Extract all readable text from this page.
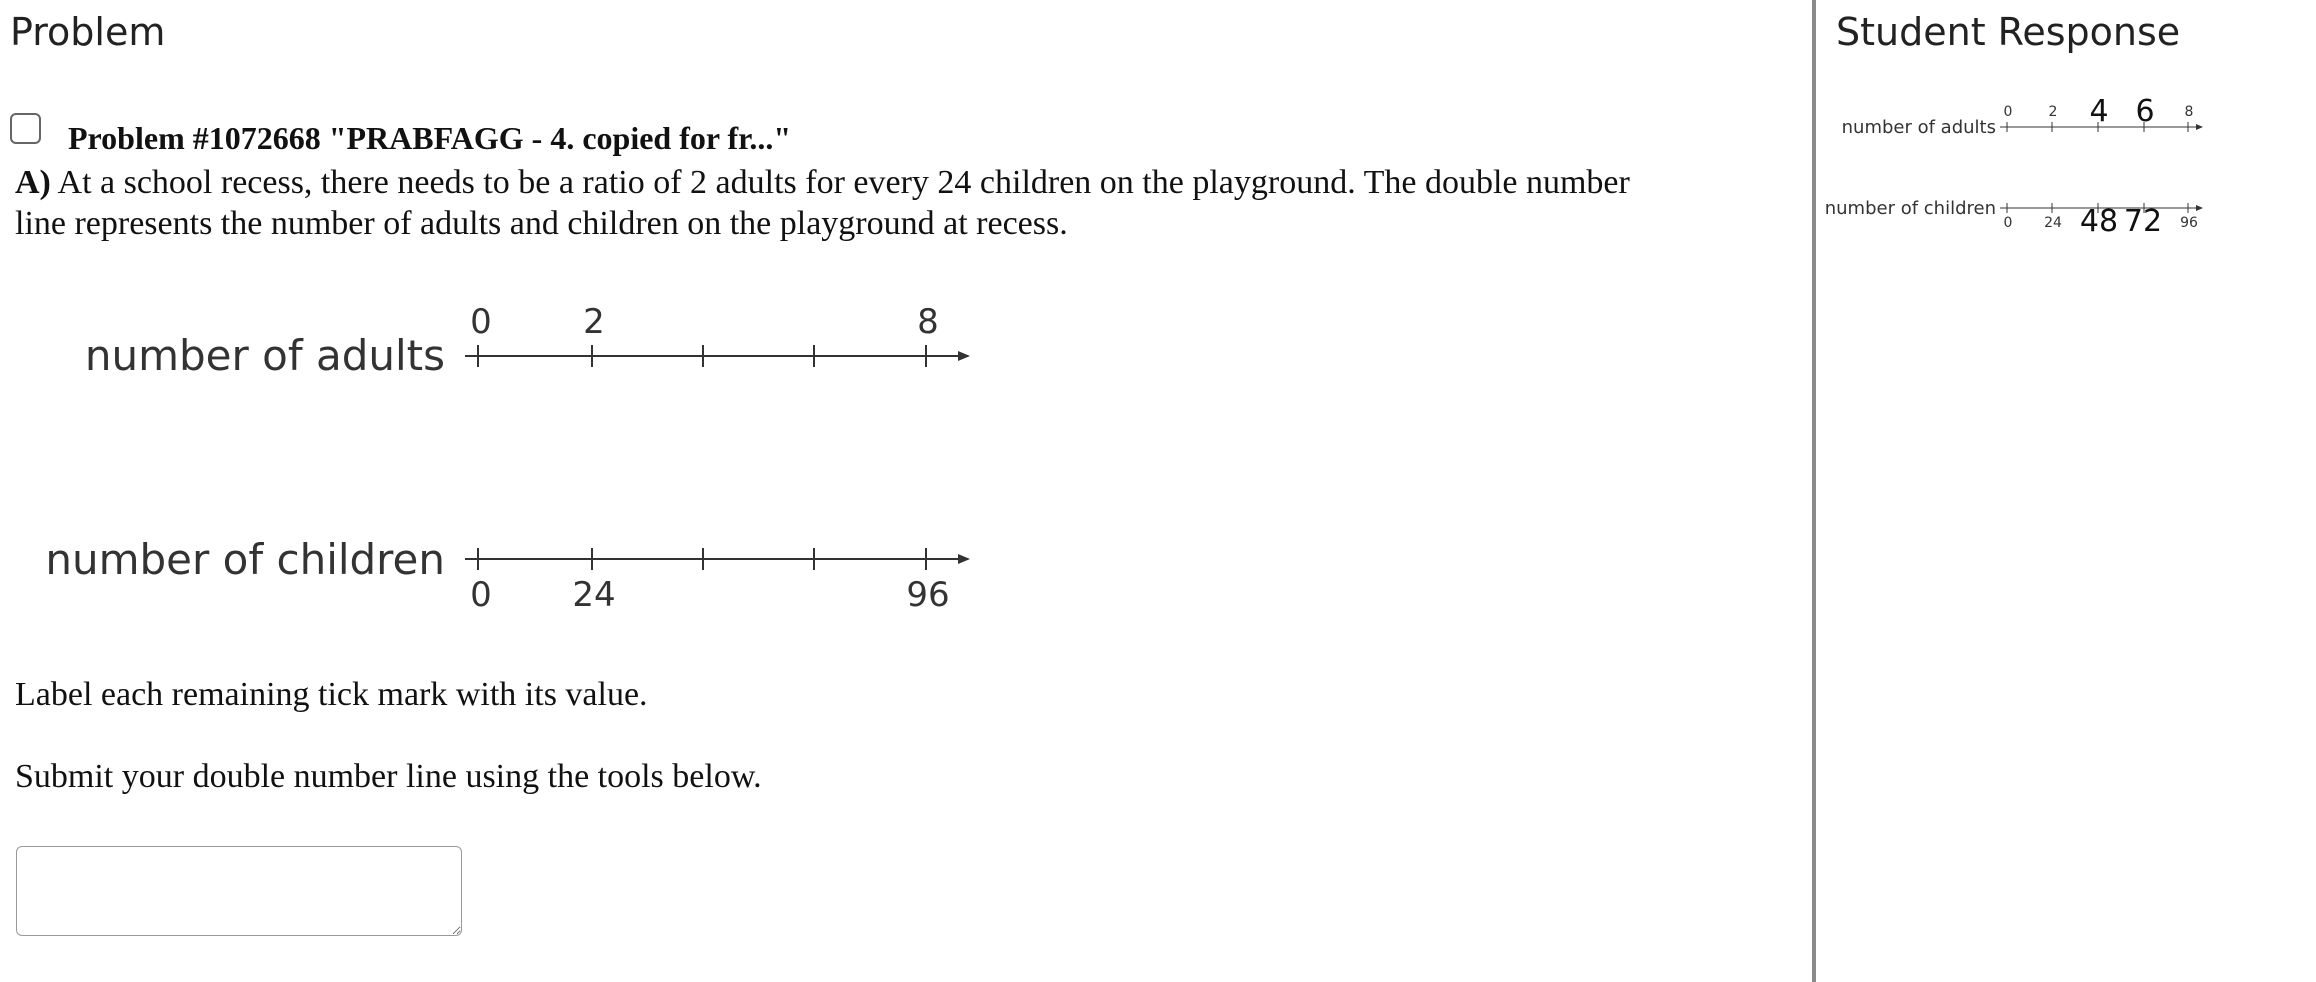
Problem
Problem #1072668 "PRABFAGG - 4. copied for fr..."
A) At a school recess, there needs to be a ratio of 2 adults for every 24 children on the playground. The double number line represents the number of adults and children on the playground at recess.
number of adults
0	2	8
number of children
0 24	96
Label each remaining tick mark with its value.
Submit your double number line using the tools below.
Student Response
number of adults
0	2 4 6 8
number of children
0 24 48 72 96
